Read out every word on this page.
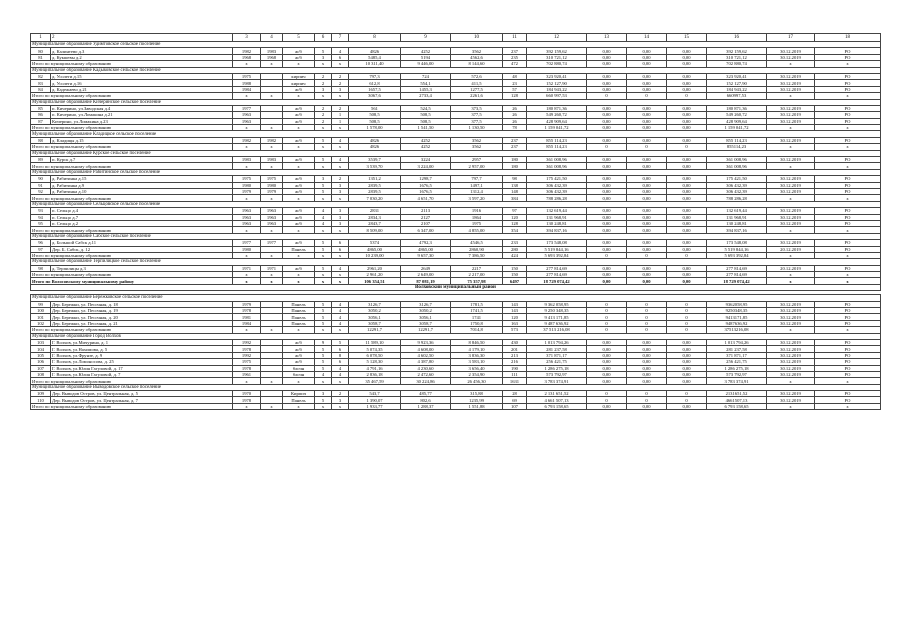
1	2	3	4	5	6	7	8	9	10	11	12	13	14	15	16	17	18
Муниципальное образование Удимтовское сельское поселение																	
80	д. Калинтево д.3	1982	1983	ж/б	5	4	4826	4252	3562	237	392 159,62	0,00	0,00	0,00	392 159,62	30.12.2019	РО
81	д. Кукшевы д.2	1968	1968	ж/б	3	6	5485,4	5194	4562,6	235	310 721,12	0,00	0,00	0,00	310 721,12	30.12.2019	РО
Итого по муниципальному образованию		х	х	х	х	х	10 311,40	9 446,00	8 144,60	472	702 880,74	0,00	0,00	0,00	702 880,74	х	х
Муниципальное образование Кадыковское сельское поселение																	
82	д. Усолеги д.15	1975		кирпич	2	2	797,3	724	572,6	48	323 920,41	0,00	0,00	0,00	323 920,41	30.12.2019	РО
83	д. Усолеги д.16	1988		кирпич	2	2	612,8	554,1	411,5	23	152 127,90	0,00	0,00	0,00	152 127,90	30.12.2019	РО
84	д. Кадежаево д.21	1984		ж/б	3	3	1657,5	1455,3	1277,5	57	184 943,22	0,00	0,00	0,00	184 943,22	30.12.2019	РО
Итого по муниципальному образованию		х	х	х	х	х	3067,6	2733,4	2261,6	128	660 997,53	0	0	0	660997,53	х	х
Муниципальное образование Кичеринское сельское поселение																	
85	п. Кичерино, ул.Заводская д.4	1977		ж/б	2	2	561	524,5	373,5	26	180 871,36	0,00	0,00	0,00	180 871,36	30.12.2019	РО
86	п. Кичерино, ул.Ломакина д.21	1963		ж/б	2	1	508,5	508,5	377,5	26	549 260,72	0,00	0,00	0,00	549 260,72	30.12.2019	РО
87	Кичерино, ул.Ломакина д.23	1963		ж/б	2	1	508,5	508,5	377,5	26	428 909,64	0,00	0,00	0,00	428 909,64	30.12.2019	РО
Итого по муниципальному образованию		х	х	х	х	х	1 578,00	1 541,50	1 130,50	78	1 159 041,72	0,00	0,00	0,00	1 159 041,72	х	х
Муниципальное образование Кладицкое сельское поселение																	
88	д. Кладицы д.15	1982	1982	ж/б	5	4	4826	4252	3562	237	855 114,23	0,00	0,00	0,00	855 114,23	30.12.2019	РО
Итого по муниципальному образованию		х	х	х	х	х	4826	4252	3562	237	855 114,23	0	0	0	855114,23	х	х
Муниципальное образование Курское сельское поселение																	
89	п. Курск д.7	1983	1983	ж/б	5	4	3539,7	3224	2957	180	361 008,96	0,00	0,00	0,00	361 008,96	30.12.2019	РО
Итого по муниципальному образованию		х	х	х	х	х	3 539,70	3 224,00	2 957,00	180	361 008,96	0,00	0,00	0,00	361 008,96	х	х
Муниципальное образование Рабитинское сельское поселение																	
90	д. Рабитинка д.15	1975	1975	ж/б	3	2	1351,2	1298,7	797,7	98	175 421,50	0,00	0,00	0,00	175 421,50	30.12.2019	РО
91	д. Рабитинка д.9	1980	1980	ж/б	5	3	2839,5	1676,5	1497,1	138	306 432,39	0,00	0,00	0,00	306 432,39	30.12.2019	РО
92	д. Рабитинка д.10	1979	1979	ж/б	5	3	2839,5	1676,5	1312,4	148	306 432,39	0,00	0,00	0,00	306 432,39	30.12.2019	РО
Итого по муниципальному образованию		х	х	х	х	х	7 030,20	4 651,70	3 597,20	384	788 286,28	0,00	0,00	0,00	788 286,28	х	х
Муниципальное образование Сельцовское сельское поселение																	
93	п. Сельцо д.4	1963	1963	ж/б	4	3	2831	2113	1916	97	132 619,44	0,00	0,00	0,00	132 619,44	30.12.2019	РО
94	п. Сельцо д.7	1963	1963	ж/б	4	3	2834,3	2127	1864	120	131 968,91	0,00	0,00	0,00	131 968,91	30.12.2019	РО
95	п. Сельцо д.2	1963	1963	ж/б	4	3	2843,7	2107	1975	128	130 248,81	0,00	0,00	0,00	130 248,81	30.12.2019	РО
Итого по муниципальному образованию		х	х	х	х	х	8 509,00	6 347,00	4 855,00	354	394 837,16	0,00	0,00	0,00	394 837,16	х	х
Муниципальное образование Сабское сельское поселение																	
96	д. Большой Сабск д.11	1977	1977	ж/б	5	6	5374	4792,3	4546,5	233	173 548,08	0,00	0,00	0,00	173 548,08	30.12.2019	РО
97	Дер. Б. Сабск, д. 12	1980		Панель	5	6	4865,00	4865,00	2860,90	280	5 519 844,16	0,00	0,00	0,00	5 519 844,16	20.12.2019	РО
Итого по муниципальному образованию		х	х	х	х	х	10 239,00	9 657,30	7 386,50	424	5 693 392,84	0	0	0	5 693 392,84	х	х
Муниципальное образование Терпилицкое сельское поселение																	
98	д. Терпилицы д.3	1971	1971	ж/б	5	4	2961,20	2649	2217	150	277 814,69	0,00	0,00	0,00	277 814,69	20.12.2019	РО
Итого по муниципальному образованию		х	х	х	х	х	2 961,20	2 649,00	2 217,00	150	277 814,69	0,00	0,00	0,00	277 814,69	х	х
Итого по Волосовскому муниципальному району		х	х	х	х	х	106 354,51	87 081,19	75 357,98	6497	18 729 074,42	0,00	0,00	0,00	18 729 074,42	х	х
Волховский муниципальный район																	

Муниципальное образование Бережковское сельское поселение																	
99	Дер. Бережки, ул. Песочная, д. 18	1979		Панель	5	4	3126,7	3126,7	1781,5	143	9 362 058,95	0	0	0	9362058,95	30.12.2019	РО
100	Дер. Бережки, ул. Песочная, д. 19	1978		Панель	5	4	3050,2	3050,2	1741,5	143	9 250 348,35	0	0	0	9250348,35	30.12.2019	РО
101	Дер. Бережки, ул. Песочная, д. 20	1981		Панель	5	4	3056,1	3056,1	1741	120	9 413 171,85	0	0	0	9413171,85	30.12.2019	РО
102	Дер. Бережки, ул. Песочная, д. 21	1984		Панель	5	4	3058,7	3058,7	1750,8	163	9 487 636,92	0	0	0	9487636,92	30.12.2019	РО
Итого по муниципальному образованию		х	х	х	х	х	12291,7	12291,7	7014,8	573	37 513 216,08	0	0	0	37513216,08	х	х
Муниципальное образование Город Волхов																	
103	Г. Волхов, ул.Мичурина, д. 1	1992		ж/б	9	5	11 589,10	9 923,36	8 846,50	430	1 013 794,26	0,00	0,00	0,00	1 013 794,26	30.12.2019	РО
104	Г. Волхов, ул.Нахимова, д. 5	1978		ж/б	5	6	5 074,35	4 608,00	4 179,10	201	281 237,58	0,00	0,00	0,00	281 237,58	30.12.2019	РО
105	Г. Волхов, ул.Фрунзе, д. 9	1992		ж/б	5	8	6 078,50	4 602,50	3 836,30	213	371 871,17	0,00	0,00	0,00	371 871,17	30.12.2019	РО
106	Г. Волхов, ул.Ломоносова, д. 25	1975		ж/б	5	6	5 128,30	4 387,80	3 583,10	216	256 421,75	0,00	0,00	0,00	256 421,75	30.12.2019	РО
107	Г. Волхов, ул.Юлия Гагуловой, д. 17	1978		блочн	5	4	4 791,16	4 230,60	3 656,40	190	1 286 275,18	0,00	0,00	0,00	1 286 275,18	30.12.2019	РО
108	Г. Волхов, ул.Юлия Гагуловой, д. 7	1961		блочн	4	4	2 836,18	2 472,60	2 354,90	111	573 792,97	0,00	0,00	0,00	573 792,97	30.12.2019	РО
Итого по муниципальному образованию		х	х	х	х	х	35 467,59	30 224,86	26 456,30	1631	3 783 374,91	0,00	0,00	0,00	3 783 374,91	х	х
Муниципальное образование Выводовское сельское поселение																	
109	Дер. Выводов Остров, ул. Центральная, д. 5	1970		Кирпич	3	2	543,7	485,77	315,88	28	2 131 651,52	0	0	0	2131651,52	30.12.2019	РО
110	Дер. Выводов Остров, ул. Центральная, д. 7	1978		Панель	5	3	1 390,07	802,6	1235,99	69	4 661 507,13	0	0	0	4661507,13	30.12.2019	РО
Итого по муниципальному образованию		х	х	х	х	х	1 933,77	1 288,37	1 551,88	107	6 793 158,65	0,00	0,00	0,00	6 793 158,65	х	х
